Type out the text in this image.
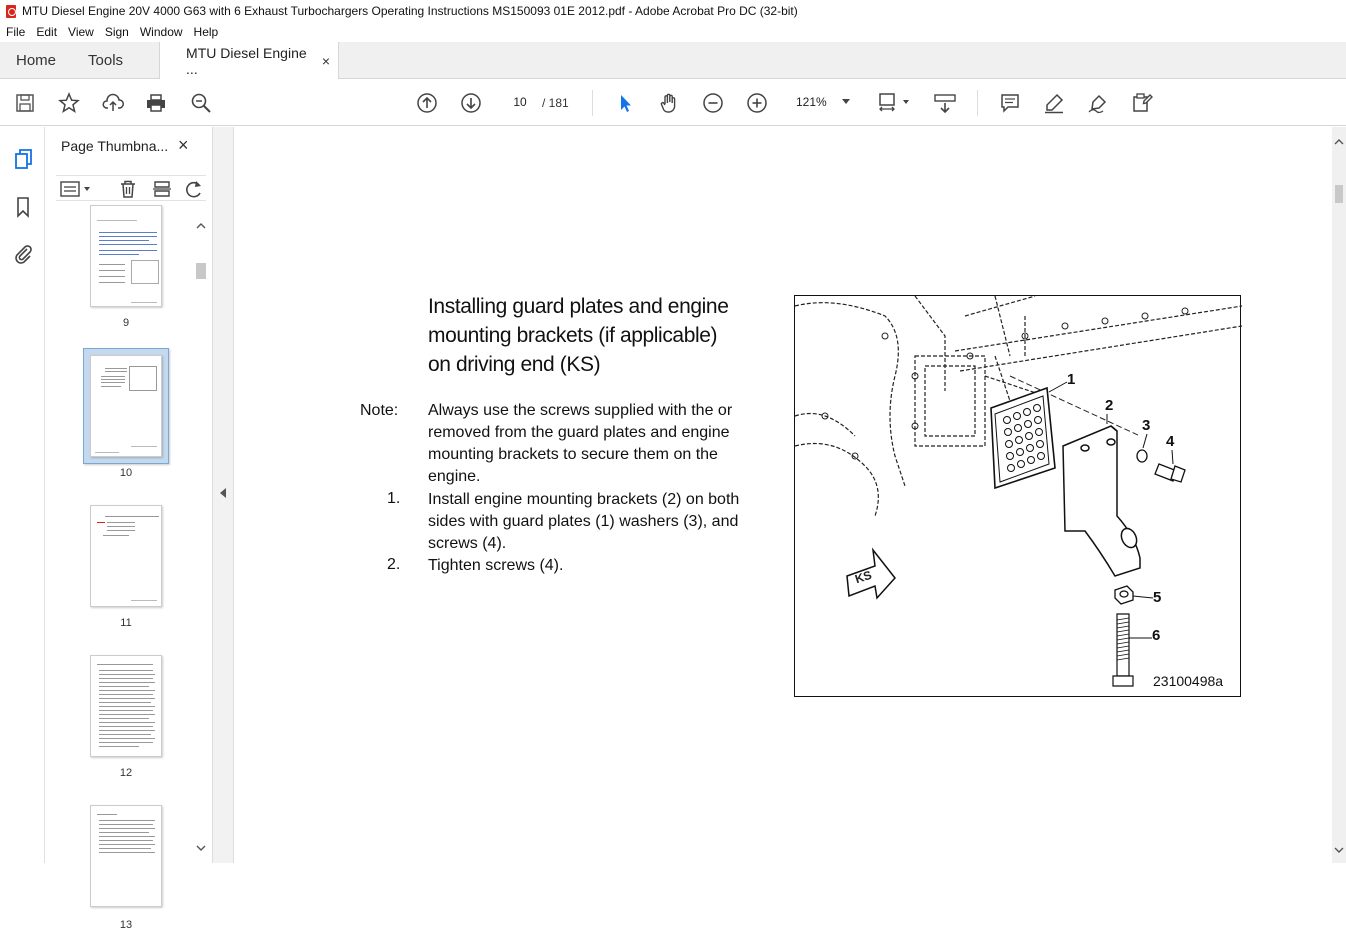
MTU Diesel Engine 20V 4000 G63 with 6 Exhaust Turbochargers Operating Instructions MS150093 01E 2012.pdf - Adobe Acrobat Pro DC (32-bit)
File Edit View Sign Window Help
Home	Tools	MTU Diesel Engine ...	×
10	/ 181	121%
Page Thumbna... ×
9
10
11
12
13
Installing guard plates and engine
mounting brackets (if applicable)
on driving end (KS)
Note: Always use the screws supplied with the or
removed from the guard plates and engine
mounting brackets to secure them on the
engine.
1. Install engine mounting brackets (2) on both
sides with guard plates (1) washers (3), and
screws (4).
2. Tighten screws (4).
1
2
3
4
5
6
KS
23100498a
